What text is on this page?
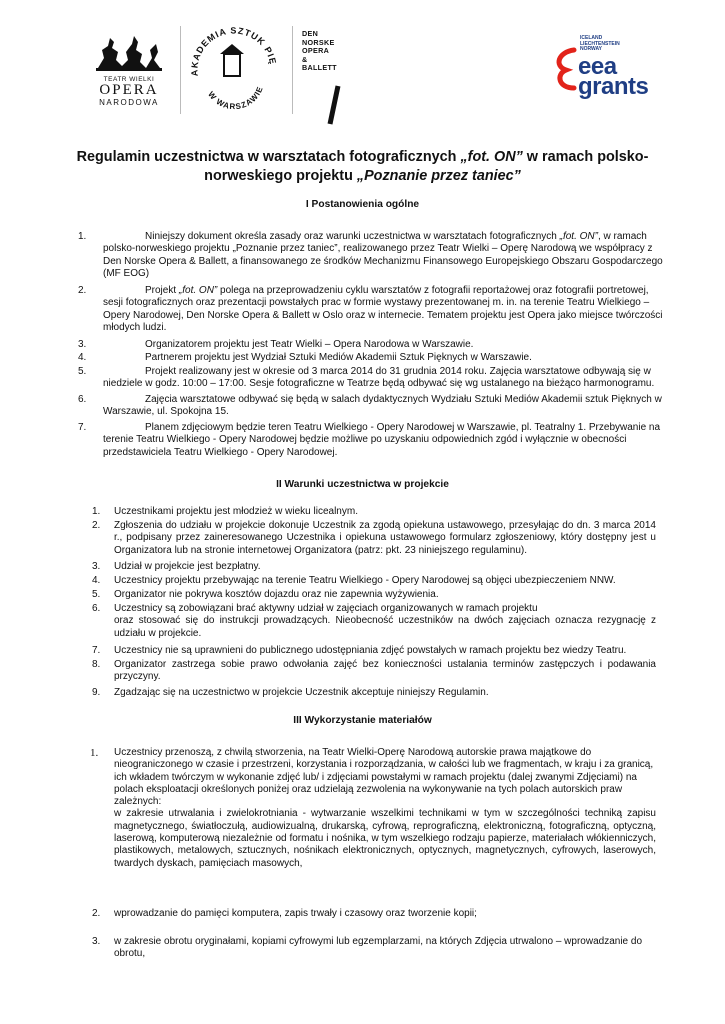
TEATR WIELKI
OPERA
NARODOWA
AKADEMIA SZTUK PIĘ
W WARSZAWIE
DEN
NORSKE
OPERA
&
BALLETT
ICELAND
LIECHTENSTEIN
NORWAY
eea
grants
Regulamin uczestnictwa w warsztatach fotograficznych „fot. ON” w ramach polsko-norweskiego projektu „Poznanie przez taniec”
I Postanowienia ogólne
1.	Niniejszy dokument określa zasady oraz warunki uczestnictwa w warsztatach fotograficznych „fot. ON”, w ramach polsko-norweskiego projektu „Poznanie przez taniec”, realizowanego przez Teatr Wielki – Operę Narodową we współpracy z Den Norske Opera & Ballett, a finansowanego ze środków Mechanizmu Finansowego Europejskiego Obszaru Gospodarczego (MF EOG)
2.	Projekt „fot. ON” polega na przeprowadzeniu cyklu warsztatów z fotografii reportażowej oraz fotografii portretowej, sesji fotograficznych oraz prezentacji powstałych prac w formie wystawy prezentowanej m. in. na terenie Teatru Wielkiego – Opery Narodowej, Den Norske Opera & Ballett w Oslo oraz w internecie. Tematem projektu jest Opera jako miejsce twórczości młodych ludzi.
3.	Organizatorem projektu jest Teatr Wielki – Opera Narodowa w Warszawie.
4.	Partnerem projektu jest Wydział Sztuki Mediów Akademii Sztuk Pięknych w Warszawie.
5.	Projekt realizowany jest w okresie od 3 marca 2014 do 31 grudnia 2014 roku. Zajęcia warsztatowe odbywają się w niedziele w godz. 10:00 – 17:00. Sesje fotograficzne w Teatrze będą odbywać się wg ustalanego na bieżąco harmonogramu.
6.	Zajęcia warsztatowe odbywać się będą w salach dydaktycznych Wydziału Sztuki Mediów Akademii sztuk Pięknych w Warszawie, ul. Spokojna 15.
7.	Planem zdjęciowym będzie teren Teatru Wielkiego - Opery Narodowej w Warszawie, pl. Teatralny 1. Przebywanie na terenie Teatru Wielkiego - Opery Narodowej będzie możliwe po uzyskaniu odpowiednich zgód i wyłącznie w obecności przedstawiciela Teatru Wielkiego - Opery Narodowej.
II Warunki uczestnictwa w projekcie
1. Uczestnikami projektu jest młodzież w wieku licealnym.
2. Zgłoszenia do udziału w projekcie dokonuje Uczestnik za zgodą opiekuna ustawowego, przesyłając do dn. 3 marca 2014 r., podpisany przez zaineresowanego Uczestnika i opiekuna ustawowego formularz zgłoszeniowy, który dostępny jest u Organizatora lub na stronie internetowej Organizatora (patrz: pkt. 23 niniejszego regulaminu).
3. Udział w projekcie jest bezpłatny.
4. Uczestnicy projektu przebywając na terenie Teatru Wielkiego - Opery Narodowej są objęci ubezpieczeniem NNW.
5. Organizator nie pokrywa kosztów dojazdu oraz nie zapewnia wyżywienia.
6. Uczestnicy są zobowiązani brać aktywny udział w zajęciach organizowanych w ramach projektu
oraz stosować się do instrukcji prowadzących. Nieobecność uczestników na dwóch zajęciach oznacza rezygnację z udziału w projekcie.
7. Uczestnicy nie są uprawnieni do publicznego udostępniania zdjęć powstałych w ramach projektu bez wiedzy Teatru.
8. Organizator zastrzega sobie prawo odwołania zajęć bez konieczności ustalania terminów zastępczych i podawania przyczyny.
9. Zgadzając się na uczestnictwo w projekcie Uczestnik akceptuje niniejszy Regulamin.
III Wykorzystanie materiałów
1. Uczestnicy przenoszą, z chwilą stworzenia, na Teatr Wielki-Operę Narodową autorskie prawa majątkowe do nieograniczonego w czasie i przestrzeni, korzystania i rozporządzania, w całości lub we fragmentach, w kraju i za granicą, ich wkładem twórczym w wykonanie zdjęć lub/ i zdjęciami powstałymi w ramach projektu (dalej zwanymi Zdjęciami) na polach eksploatacji określonych poniżej oraz udzielają zezwolenia na wykonywanie na tych polach autorskich praw zależnych:
w zakresie utrwalania i zwielokrotniania - wytwarzanie wszelkimi technikami w tym w szczególności techniką zapisu magnetycznego, światłoczułą, audiowizualną, drukarską, cyfrową, reprograficzną, elektroniczną, fotograficzną, optyczną, laserową, komputerową niezależnie od formatu i nośnika, w tym wszelkiego rodzaju papierze, materiałach włókienniczych, plastikowych, metalowych, sztucznych, nośnikach elektronicznych, optycznych, magnetycznych, cyfrowych, laserowych, twardych dyskach, pamięciach masowych,
2. wprowadzanie do pamięci komputera, zapis trwały i czasowy oraz tworzenie kopii;
3. w zakresie obrotu oryginałami, kopiami cyfrowymi lub egzemplarzami, na których Zdjęcia utrwalono – wprowadzanie do obrotu,
